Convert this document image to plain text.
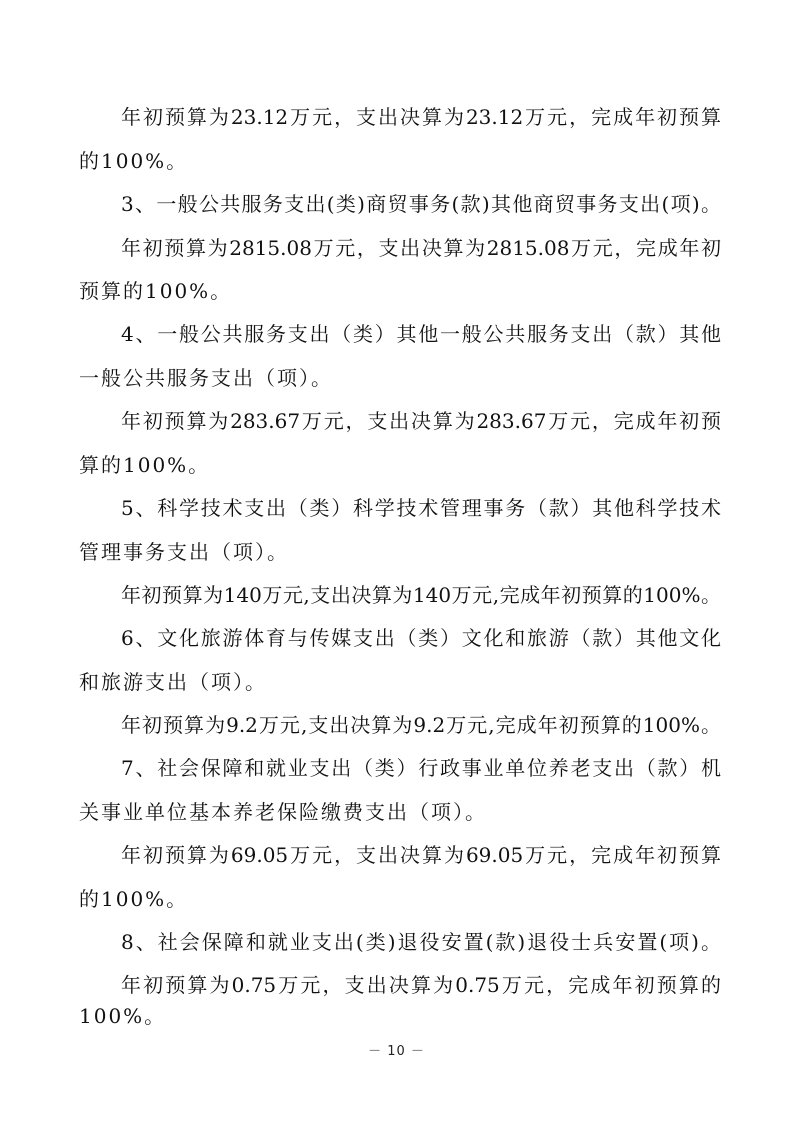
年初预算为23.12万元，支出决算为23.12万元，完成年初预算
的100%。
3、一般公共服务支出(类)商贸事务(款)其他商贸事务支出(项)。
年初预算为2815.08万元，支出决算为2815.08万元，完成年初
预算的100%。
4、一般公共服务支出（类）其他一般公共服务支出（款）其他
一般公共服务支出（项）。
年初预算为283.67万元，支出决算为283.67万元，完成年初预
算的100%。
5、科学技术支出（类）科学技术管理事务（款）其他科学技术
管理事务支出（项）。
年初预算为140万元,支出决算为140万元,完成年初预算的100%。
6、文化旅游体育与传媒支出（类）文化和旅游（款）其他文化
和旅游支出（项）。
年初预算为9.2万元,支出决算为9.2万元,完成年初预算的100%。
7、社会保障和就业支出（类）行政事业单位养老支出（款）机
关事业单位基本养老保险缴费支出（项）。
年初预算为69.05万元，支出决算为69.05万元，完成年初预算
的100%。
8、社会保障和就业支出(类)退役安置(款)退役士兵安置(项)。
年初预算为0.75万元，支出决算为0.75万元，完成年初预算的
100%。
－ 10 －
